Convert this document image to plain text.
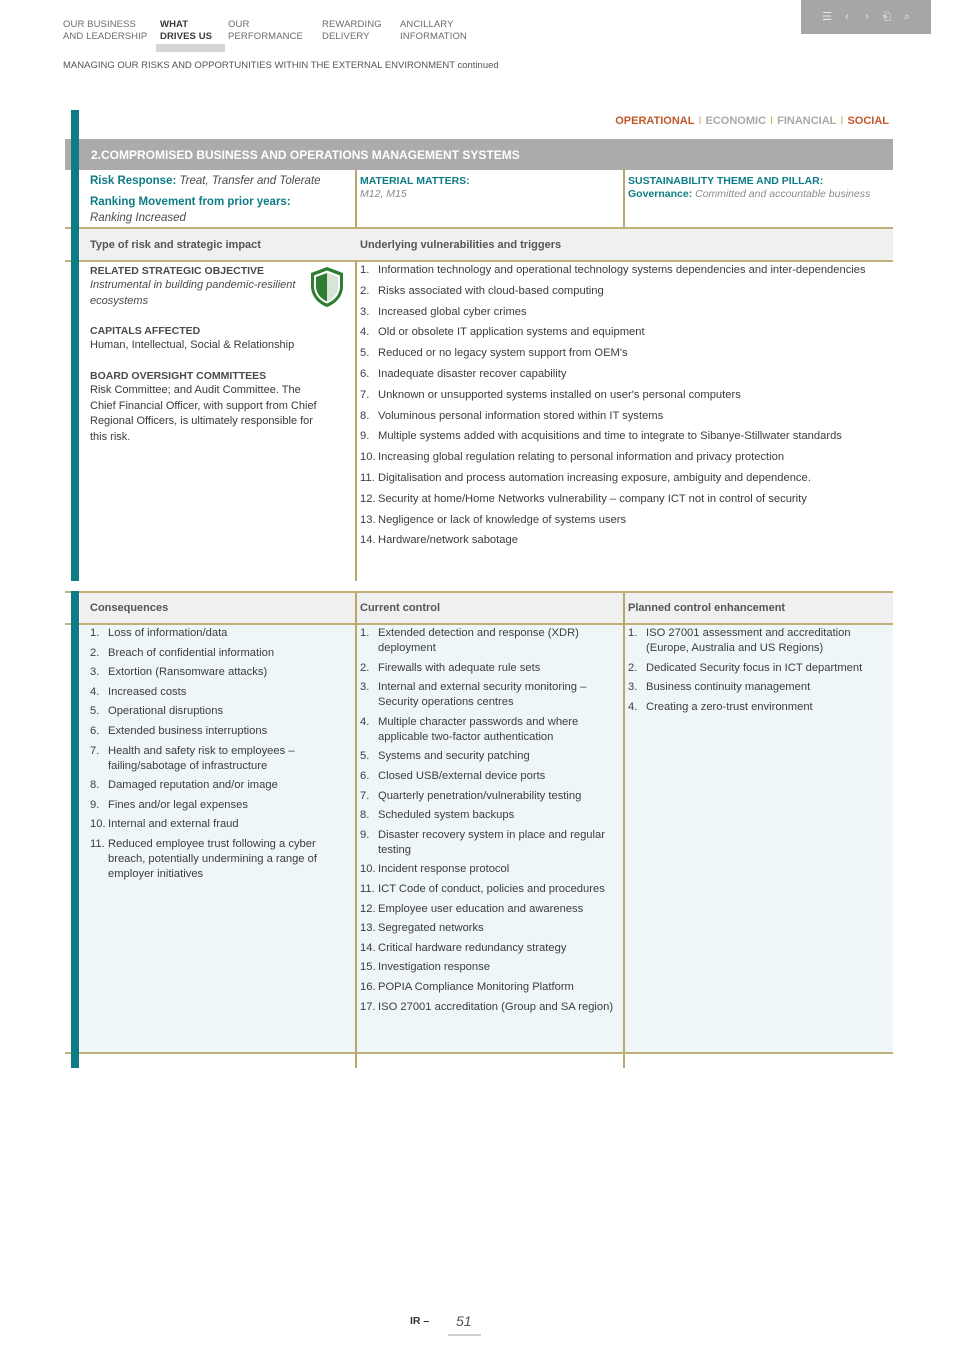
OUR BUSINESS
AND LEADERSHIP
WHAT
DRIVES US
OUR
PERFORMANCE
REWARDING
DELIVERY
ANCILLARY
INFORMATION
☰	‹	›	⎗ ⌕
MANAGING OUR RISKS AND OPPORTUNITIES WITHIN THE EXTERNAL ENVIRONMENT continued
OPERATIONAL I ECONOMIC I FINANCIAL I SOCIAL
2.COMPROMISED BUSINESS AND OPERATIONS MANAGEMENT SYSTEMS
Risk Response: Treat, Transfer and Tolerate
Ranking Movement from prior years:
Ranking Increased
MATERIAL MATTERS:
M12, M15
SUSTAINABILITY THEME AND PILLAR:
Governance: Committed and accountable business
Type of risk and strategic impact	Underlying vulnerabilities and triggers
RELATED STRATEGIC OBJECTIVE
Instrumental in building pandemic-resilient ecosystems
CAPITALS AFFECTED
Human, Intellectual, Social & Relationship
BOARD OVERSIGHT COMMITTEES
Risk Committee; and Audit Committee. The Chief Financial Officer, with support from Chief Regional Officers, is ultimately responsible for this risk.
1. Information technology and operational technology systems dependencies and inter-dependencies
2. Risks associated with cloud-based computing
3. Increased global cyber crimes
4. Old or obsolete IT application systems and equipment
5. Reduced or no legacy system support from OEM's
6. Inadequate disaster recover capability
7. Unknown or unsupported systems installed on user's personal computers
8. Voluminous personal information stored within IT systems
9. Multiple systems added with acquisitions and time to integrate to Sibanye-Stillwater standards
10. Increasing global regulation relating to personal information and privacy protection
11. Digitalisation and process automation increasing exposure, ambiguity and dependence.
12. Security at home/Home Networks vulnerability – company ICT not in control of security
13. Negligence or lack of knowledge of systems users
14. Hardware/network sabotage
Consequences	Current control	Planned control enhancement
1. Loss of information/data
2. Breach of confidential information
3. Extortion (Ransomware attacks)
4. Increased costs
5. Operational disruptions
6. Extended business interruptions
7. Health and safety risk to employees – failing/sabotage of infrastructure
8. Damaged reputation and/or image
9. Fines and/or legal expenses
10. Internal and external fraud
11. Reduced employee trust following a cyber breach, potentially undermining a range of employer initiatives
1. Extended detection and response (XDR) deployment
2. Firewalls with adequate rule sets
3. Internal and external security monitoring – Security operations centres
4. Multiple character passwords and where applicable two-factor authentication
5. Systems and security patching
6. Closed USB/external device ports
7. Quarterly penetration/vulnerability testing
8. Scheduled system backups
9. Disaster recovery system in place and regular testing
10. Incident response protocol
11. ICT Code of conduct, policies and procedures
12. Employee user education and awareness
13. Segregated networks
14. Critical hardware redundancy strategy
15. Investigation response
16. POPIA Compliance Monitoring Platform
17. ISO 27001 accreditation (Group and SA region)
1. ISO 27001 assessment and accreditation (Europe, Australia and US Regions)
2. Dedicated Security focus in ICT department
3. Business continuity management
4. Creating a zero-trust environment
IR – 51
